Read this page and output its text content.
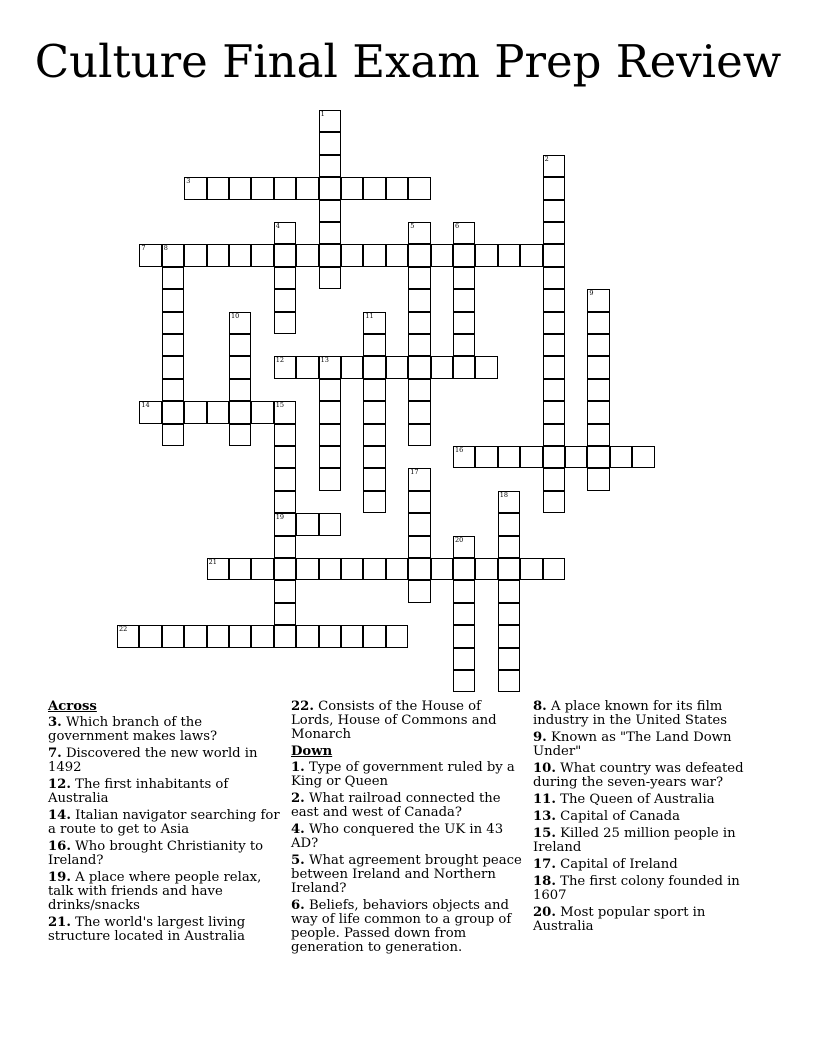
Culture Final Exam Prep Review
1
2
3
4	5	6
7	8
9
10	11
12	13
14	15
19
16
17
18
20
21
22
Across
3. Which branch of the government makes laws?
7. Discovered the new world in 1492
12. The first inhabitants of Australia
14. Italian navigator searching for a route to get to Asia
16. Who brought Christianity to Ireland?
19. A place where people relax, talk with friends and have drinks/snacks
21. The world's largest living structure located in Australia
22. Consists of the House of Lords, House of Commons and Monarch
Down
1. Type of government ruled by a King or Queen
2. What railroad connected the east and west of Canada?
4. Who conquered the UK in 43 AD?
5. What agreement brought peace between Ireland and Northern Ireland?
6. Beliefs, behaviors objects and way of life common to a group of people. Passed down from generation to generation.
8. A place known for its film industry in the United States
9. Known as "The Land Down Under"
10. What country was defeated during the seven-years war?
11. The Queen of Australia
13. Capital of Canada
15. Killed 25 million people in Ireland
17. Capital of Ireland
18. The first colony founded in 1607
20. Most popular sport in Australia
